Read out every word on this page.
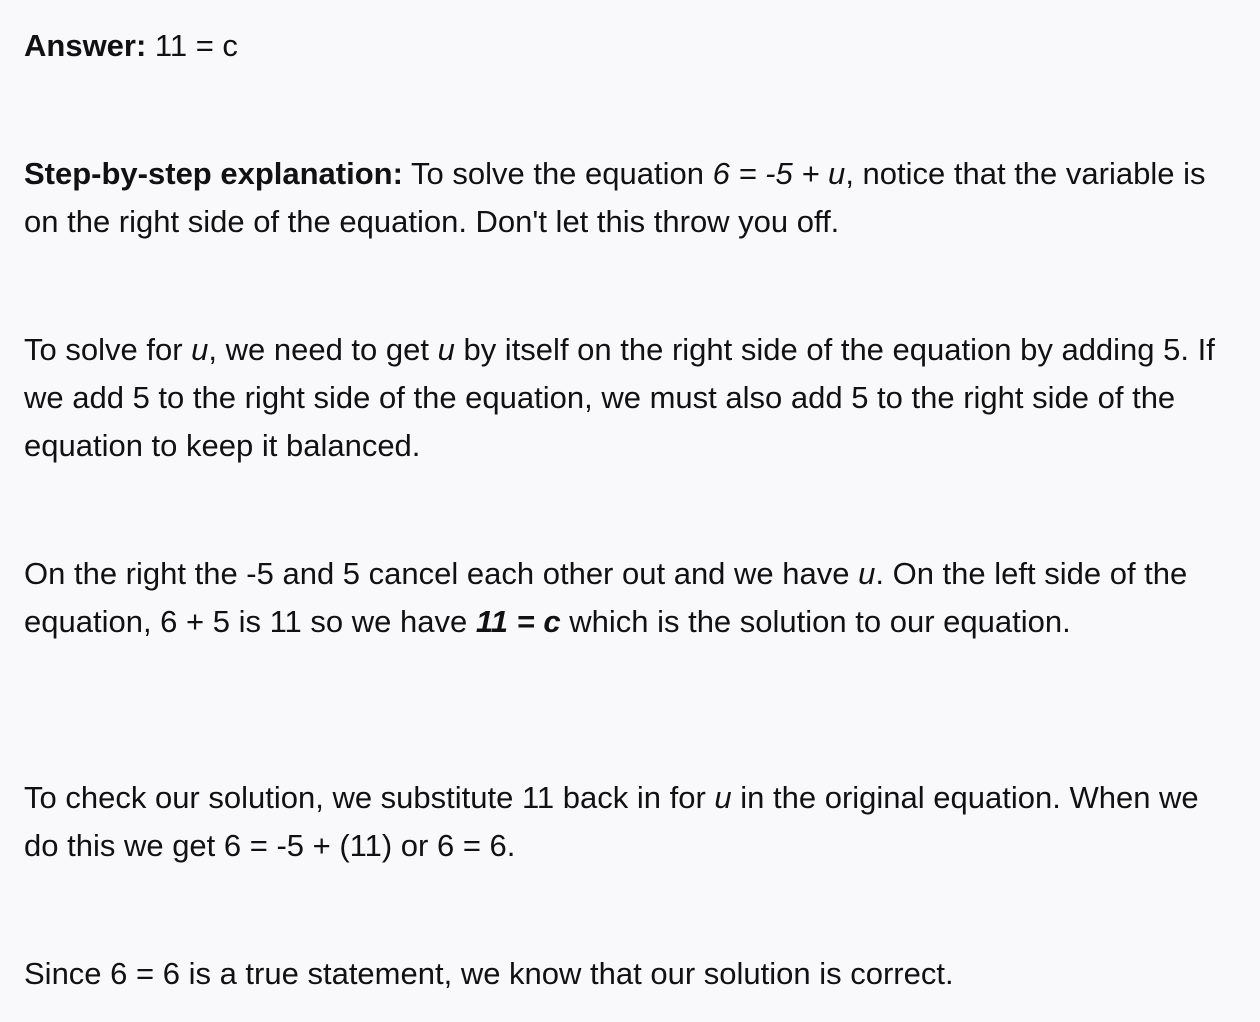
Answer: 11 = c

Step-by-step explanation: To solve the equation 6 = -5 + u, notice that the variable is on the right side of the equation. Don't let this throw you off.

To solve for u, we need to get u by itself on the right side of the equation by adding 5. If we add 5 to the right side of the equation, we must also add 5 to the right side of the equation to keep it balanced.

On the right the -5 and 5 cancel each other out and we have u. On the left side of the equation, 6 + 5 is 11 so we have 11 = c which is the solution to our equation.

To check our solution, we substitute 11 back in for u in the original equation. When we do this we get 6 = -5 + (11) or 6 = 6.

Since 6 = 6 is a true statement, we know that our solution is correct.
